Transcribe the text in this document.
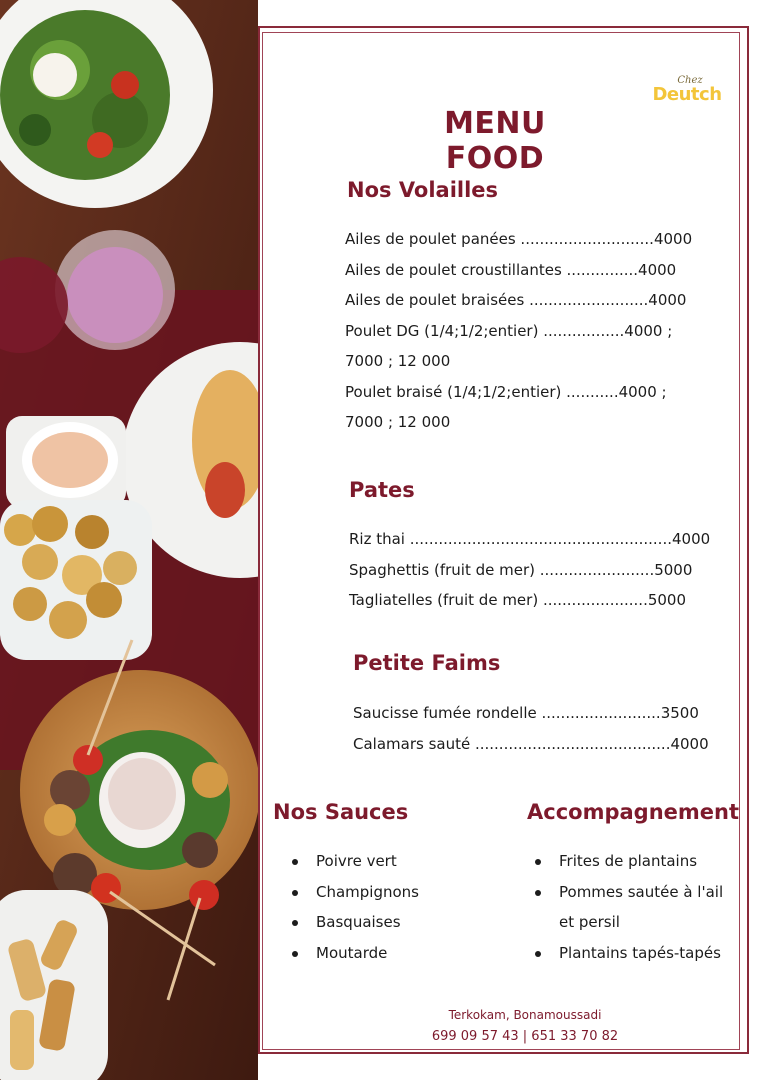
Chez
Deutch
MENU FOOD
Nos Volailles
Ailes de poulet panées ............................4000
Ailes de poulet croustillantes ...............4000
Ailes de poulet braisées .........................4000
Poulet DG (1/4;1/2;entier) .................4000 ;
7000 ; 12 000
Poulet braisé (1/4;1/2;entier) ...........4000 ;
7000 ; 12 000
Pates
Riz thai .......................................................4000
Spaghettis (fruit de mer) ........................5000
Tagliatelles (fruit de mer) ......................5000
Petite Faims
Saucisse fumée rondelle .........................3500
Calamars sauté .........................................4000
Nos Sauces
Poivre vert
Champignons
Basquaises
Moutarde
Accompagnement
Frites de plantains
Pommes sautée à l'ail
et persil
Plantains tapés-tapés
Terkokam, Bonamoussadi
699 09 57 43 | 651 33 70 82
